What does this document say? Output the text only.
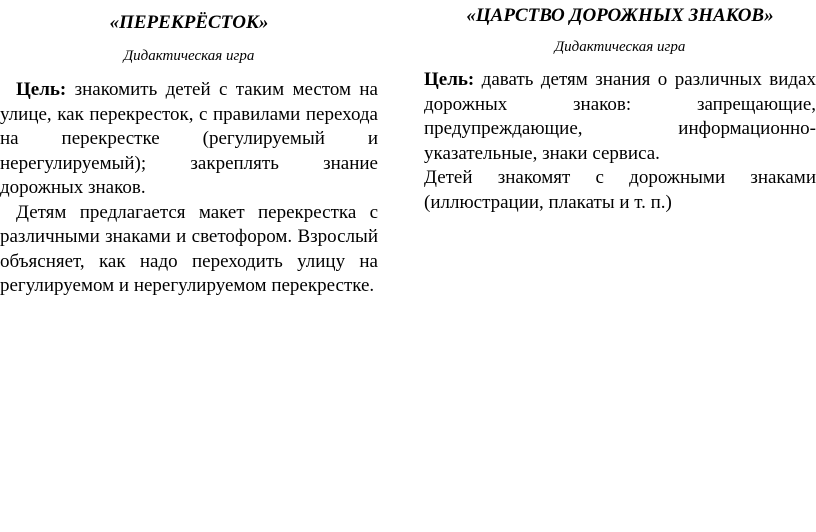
«ПЕРЕКРЁСТОК»

Дидактическая игра

Цель: знакомить детей с таким местом на улице, как перекресток, с правилами перехода на перекрестке (регулируемый и нерегулируемый); закреплять знание дорожных знаков.

Детям предлагается макет перекрестка с различными знаками и светофором. Взрослый объясняет, как надо переходить улицу на регулируемом и нерегулируемом перекрестке.

«ЦАРСТВО ДОРОЖНЫХ ЗНАКОВ»

Дидактическая игра

Цель: давать детям знания о различных видах дорожных знаков: запрещающие, предупреждающие, информационно-указательные, знаки сервиса.

Детей знакомят с дорожными знаками (иллюстрации, плакаты и т. п.)
